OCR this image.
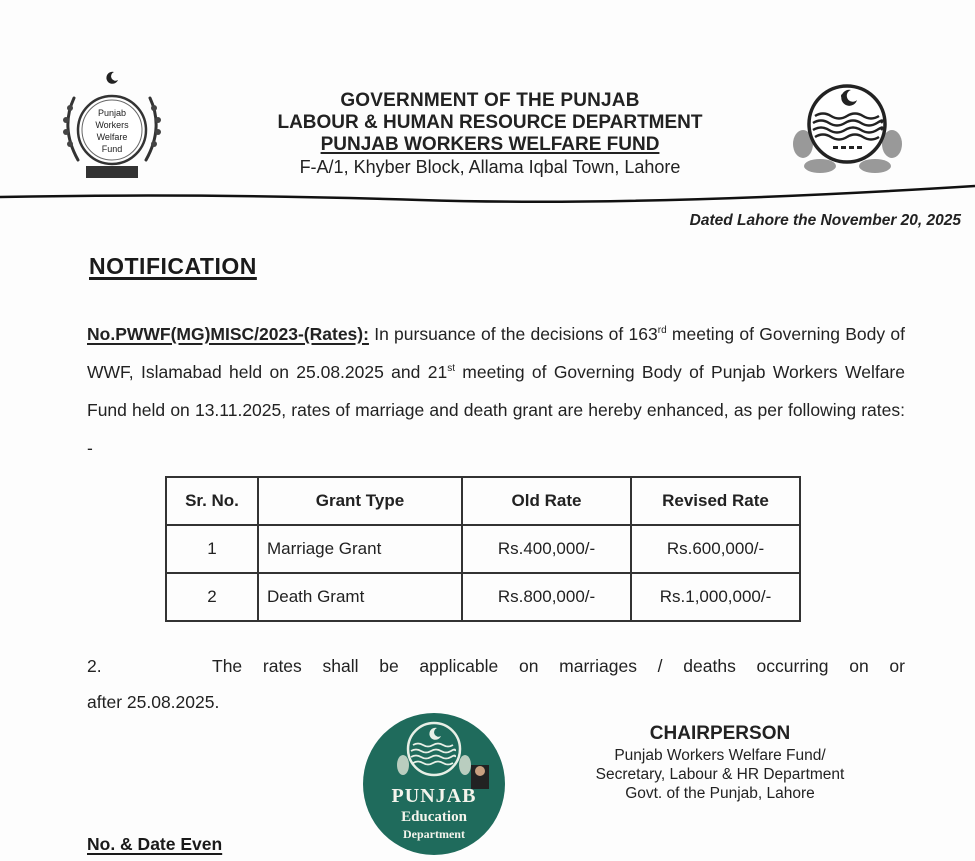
Punjab
Workers
Welfare
Fund
GOVERNMENT OF THE PUNJAB
LABOUR & HUMAN RESOURCE DEPARTMENT
PUNJAB WORKERS WELFARE FUND
F-A/1, Khyber Block, Allama Iqbal Town, Lahore
Dated Lahore the November 20, 2025
NOTIFICATION
No.PWWF(MG)MISC/2023-(Rates): In pursuance of the decisions of 163rd meeting of Governing Body of WWF, Islamabad held on 25.08.2025 and 21st meeting of Governing Body of Punjab Workers Welfare Fund held on 13.11.2025, rates of marriage and death grant are hereby enhanced, as per following rates: -
Sr. No.	Grant Type	Old Rate	Revised Rate
1	Marriage Grant	Rs.400,000/-	Rs.600,000/-
2	Death Gramt	Rs.800,000/-	Rs.1,000,000/-
2.	The rates shall be applicable on marriages / deaths occurring on or
after 25.08.2025.
PUNJAB
Education
Department
CHAIRPERSON
Punjab Workers Welfare Fund/
Secretary, Labour & HR Department
Govt. of the Punjab, Lahore
No. & Date Even
